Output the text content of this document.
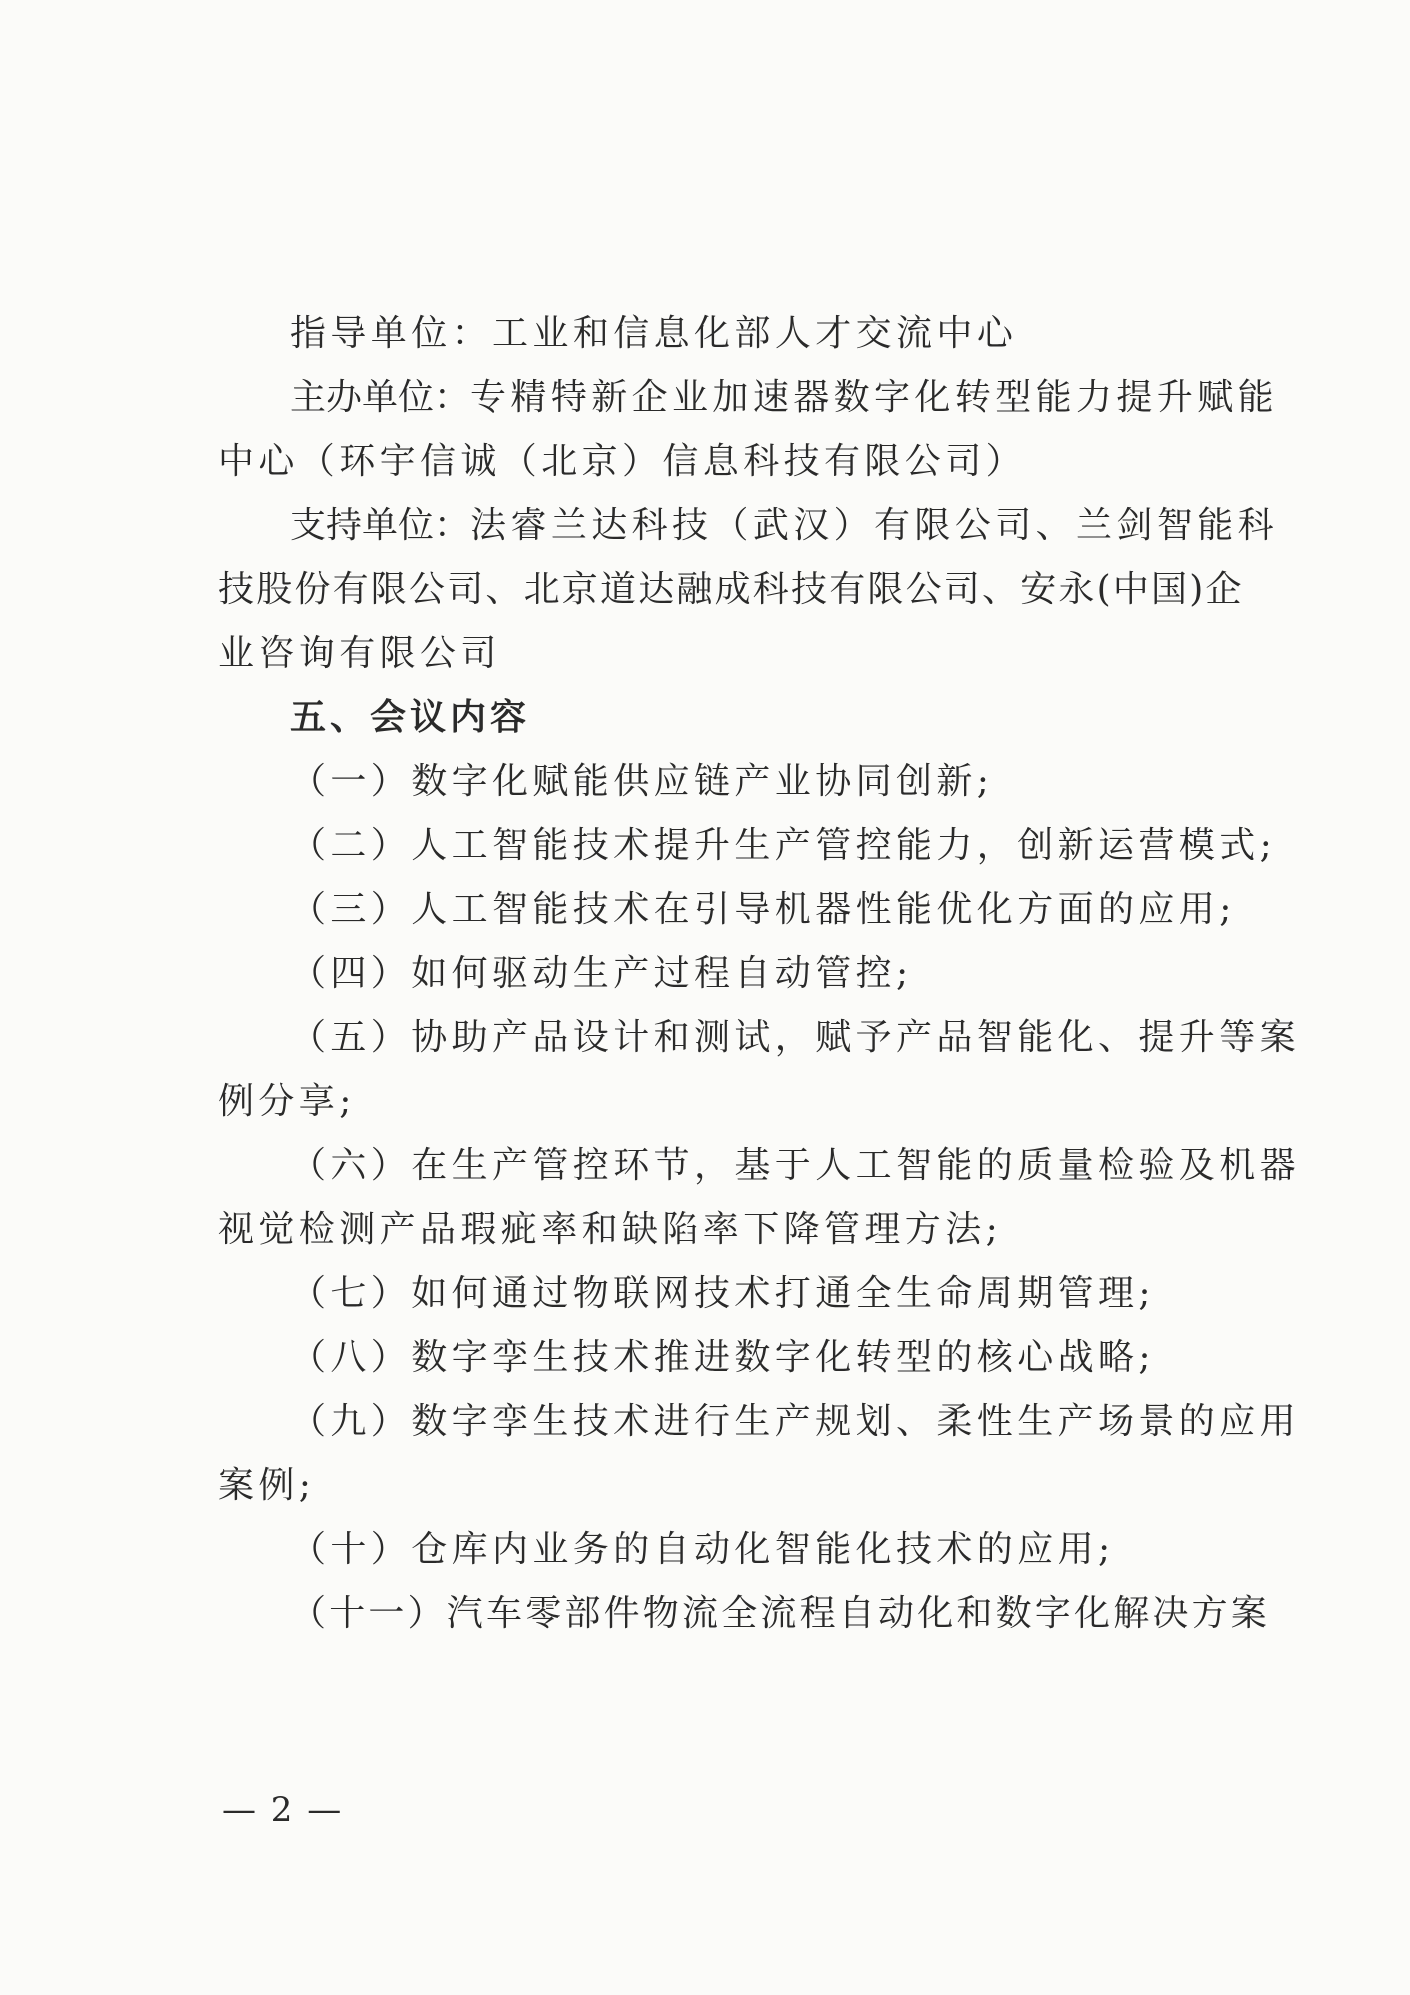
指导单位：工业和信息化部人才交流中心
主办单位： 专精特新企业加速器数字化转型能力提升赋能
中心（环宇信诚（北京）信息科技有限公司）
支持单位： 法睿兰达科技（武汉）有限公司、兰剑智能科
技股份有限公司、北京道达融成科技有限公司、安永(中国)企
业咨询有限公司
五、会议内容
（一）数字化赋能供应链产业协同创新;
（二）人工智能技术提升生产管控能力，创新运营模式;
（三）人工智能技术在引导机器性能优化方面的应用;
（四）如何驱动生产过程自动管控;
（五）协助产品设计和测试，赋予产品智能化、提升等案
例分享;
（六）在生产管控环节，基于人工智能的质量检验及机器
视觉检测产品瑕疵率和缺陷率下降管理方法;
（七）如何通过物联网技术打通全生命周期管理;
（八）数字孪生技术推进数字化转型的核心战略;
（九）数字孪生技术进行生产规划、柔性生产场景的应用
案例;
（十）仓库内业务的自动化智能化技术的应用;
（十一）汽车零部件物流全流程自动化和数字化解决方案
— 2 —
